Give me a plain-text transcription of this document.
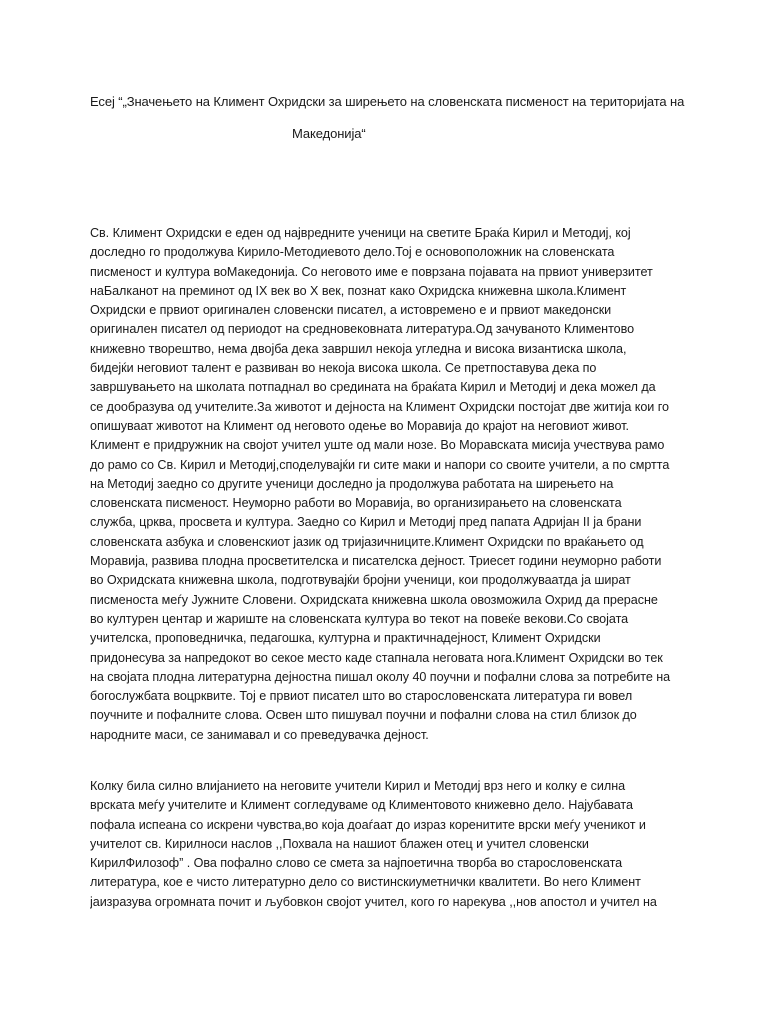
Есеј “„Значењето на Климент Охридски за ширењето на словенската писменост на територијата на
Македонија“
Св. Климент Охридски е еден од највредните ученици на светите Браќа Кирил и Методиј, кој
доследно го продолжува Кирило-Методиевото дело.Тој е основоположник на словенската
писменост и култура воМакедонија. Со неговото име е поврзана појавата на првиот универзитет
наБалканот на преминот од IX век во X век, познат како Охридска книжевна школа.Климент
Охридски е првиот оригинален словенски писател, а истовремено е и првиот македонски
оригинален писател од периодот на средновековната литература.Од зачуваното Климентово
книжевно творештво, нема двојба дека завршил некоја угледна и висока византиска школа,
бидејќи неговиот талент е развиван во некоја висока школа. Се претпоставува дека по
завршувањето на школата потпаднал во средината на браќата Кирил и Методиј и дека можел да
се дообразува од учителите.За животот и дејноста на Климент Охридски постојат две житија кои го
опишуваат животот на Климент од неговото одење во Моравија до крајот на неговиот живот.
Климент е придружник на својот учител уште од мали нозе. Во Моравската мисија учествува рамо
до рамо со Св. Кирил и Методиј,споделувајќи ги сите маки и напори со своите учители, а по смртта
на Методиј заедно со другите ученици доследно ја продолжува работата на ширењето на
словенската писменост. Неуморно работи во Моравија, во организирањето на словенската
служба, црква, просвета и култура. Заедно со Кирил и Методиј пред папата Адријан II ја брани
словенската азбука и словенскиот јазик од тријазичниците.Климент Охридски по враќањето од
Моравија, развива плодна просветителска и писателска дејност. Триесет години неуморно работи
во Охридската книжевна школа, подготвувајќи бројни ученици, кои продолжуваатда ја шират
писменоста меѓу Јужните Словени. Охридската книжевна школа овозможила Охрид да прерасне
во културен центар и жариште на словенската култура во текот на повеќе векови.Со својата
учителска, проповедничка, педагошка, културна и практичнадејност, Климент Охридски
придонесува за напредокот во секое место каде стапнала неговата нога.Климент Охридски во тек
на својата плодна литературна дејностна пишал околу 40 поучни и пофални слова за потребите на
богослужбата воцрквите. Тој е првиот писател што во старословенската литература ги вовел
поучните и пофалните слова. Освен што пишувал поучни и пофални слова на стил близок до
народните маси, се занимавал и со преведувачка дејност.
Колку била силно влијанието на неговите учители Кирил и Методиј врз него и колку е силна
врската меѓу учителите и Климент согледуваме од Климентовото книжевно дело. Најубавата
пофала испеана со искрени чувства,во која доаѓаат до израз коренитите врски меѓу ученикот и
учителот св. Кирилноси наслов ,,Похвала на нашиот блажен отец и учител словенски
КирилФилозоф” . Ова пофално слово се смета за најпоетична творба во старословенската
литература, кое е чисто литературно дело со вистинскиуметнички квалитети. Во него Климент
јаизразува огромната почит и љубовкон својот учител, кого го нарекува ,,нов апостол и учител на
